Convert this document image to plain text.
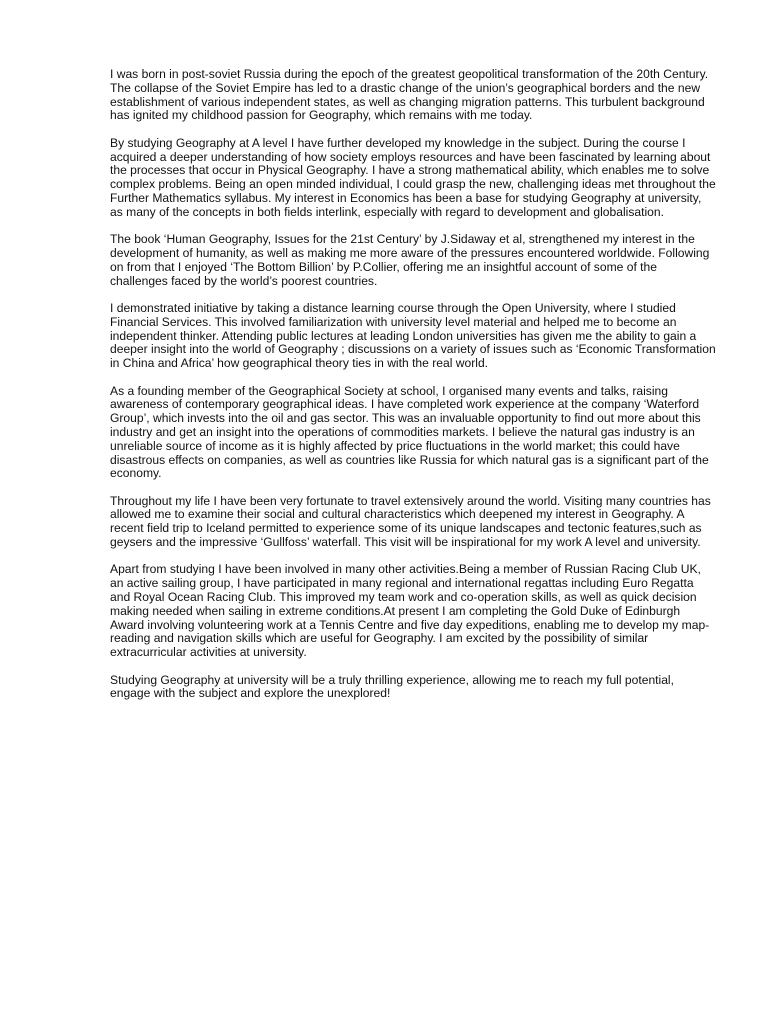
I was born in post-soviet Russia during the epoch of the greatest geopolitical transformation of the 20th Century. The collapse of the Soviet Empire has led to a drastic change of the union’s geographical borders and the new establishment of various independent states, as well as changing migration patterns. This turbulent background has ignited my childhood passion for Geography, which remains with me today.

By studying Geography at A level I have further developed my knowledge in the subject. During the course I acquired a deeper understanding of how society employs resources and have been fascinated by learning about the processes that occur in Physical Geography. I have a strong mathematical ability, which enables me to solve complex problems. Being an open minded individual, I could grasp the new, challenging ideas met throughout the Further Mathematics syllabus. My interest in Economics has been a base for studying Geography at university, as many of the concepts in both fields interlink, especially with regard to development and globalisation.

The book ‘Human Geography, Issues for the 21st Century’ by J.Sidaway et al, strengthened my interest in the development of humanity, as well as making me more aware of the pressures encountered worldwide. Following on from that I enjoyed ‘The Bottom Billion’ by P.Collier, offering me an insightful account of some of the challenges faced by the world’s poorest countries.

I demonstrated initiative by taking a distance learning course through the Open University, where I studied Financial Services. This involved familiarization with university level material and helped me to become an independent thinker. Attending public lectures at leading London universities has given me the ability to gain a deeper insight into the world of Geography ; discussions on a variety of issues such as ‘Economic Transformation in China and Africa’ how geographical theory ties in with the real world.

As a founding member of the Geographical Society at school, I organised many events and talks, raising awareness of contemporary geographical ideas. I have completed work experience at the company ‘Waterford Group’, which invests into the oil and gas sector. This was an invaluable opportunity to find out more about this industry and get an insight into the operations of commodities markets. I believe the natural gas industry is an unreliable source of income as it is highly affected by price fluctuations in the world market; this could have disastrous effects on companies, as well as countries like Russia for which natural gas is a significant part of the economy.

Throughout my life I have been very fortunate to travel extensively around the world. Visiting many countries has allowed me to examine their social and cultural characteristics which deepened my interest in Geography. A recent field trip to Iceland permitted to experience some of its unique landscapes and tectonic features,such as geysers and the impressive ‘Gullfoss’ waterfall. This visit will be inspirational for my work A level and university.

Apart from studying I have been involved in many other activities.Being a member of Russian Racing Club UK, an active sailing group, I have participated in many regional and international regattas including Euro Regatta and Royal Ocean Racing Club. This improved my team work and co-operation skills, as well as quick decision making needed when sailing in extreme conditions.At present I am completing the Gold Duke of Edinburgh Award involving volunteering work at a Tennis Centre and five day expeditions, enabling me to develop my map-reading and navigation skills which are useful for Geography. I am excited by the possibility of similar extracurricular activities at university.

Studying Geography at university will be a truly thrilling experience, allowing me to reach my full potential, engage with the subject and explore the unexplored!
